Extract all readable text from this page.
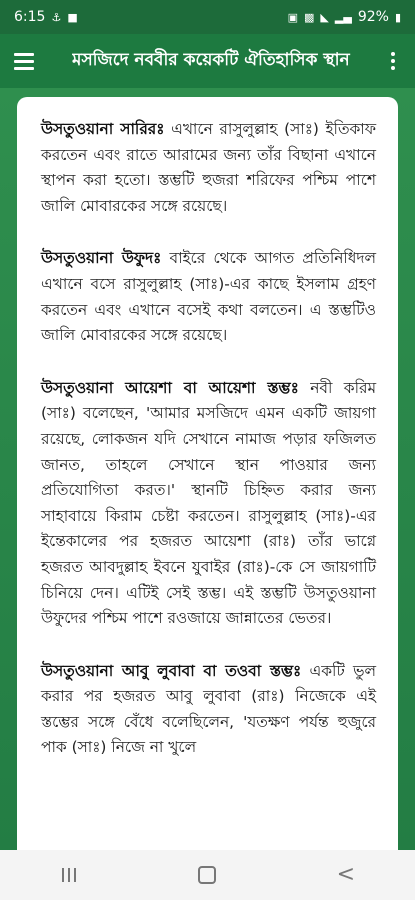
6:15 ⚓ ■	▣ ▩ ◣ ▂▄ 92% ▮
মসজিদে নববীর কয়েকটি ঐতিহাসিক স্থান

উসতুওয়ানা সারিরঃ এখানে রাসুলুল্লাহ (সাঃ) ইতিকাফ করতেন এবং রাতে আরামের জন্য তাঁর বিছানা এখানে স্থাপন করা হতো। স্তম্ভটি হুজরা শরিফের পশ্চিম পাশে জালি মোবারকের সঙ্গে রয়েছে।

উসতুওয়ানা উফুদঃ বাইরে থেকে আগত প্রতিনিধিদল এখানে বসে রাসুলুল্লাহ (সাঃ)-এর কাছে ইসলাম গ্রহণ করতেন এবং এখানে বসেই কথা বলতেন। এ স্তম্ভটিও জালি মোবারকের সঙ্গে রয়েছে।

উসতুওয়ানা আয়েশা বা আয়েশা স্তম্ভঃ নবী করিম (সাঃ) বলেছেন, 'আমার মসজিদে এমন একটি জায়গা রয়েছে, লোকজন যদি সেখানে নামাজ পড়ার ফজিলত জানত, তাহলে সেখানে স্থান পাওয়ার জন্য প্রতিযোগিতা করত।' স্থানটি চিহ্নিত করার জন্য সাহাবায়ে কিরাম চেষ্টা করতেন। রাসুলুল্লাহ (সাঃ)-এর ইন্তেকালের পর হজরত আয়েশা (রাঃ) তাঁর ভাগ্নে হজরত আবদুল্লাহ ইবনে যুবাইর (রাঃ)-কে সে জায়গাটি চিনিয়ে দেন। এটিই সেই স্তম্ভ। এই স্তম্ভটি উসতুওয়ানা উফুদের পশ্চিম পাশে রওজায়ে জান্নাতের ভেতর।

উসতুওয়ানা আবু লুবাবা বা তওবা স্তম্ভঃ একটি ভুল করার পর হজরত আবু লুবাবা (রাঃ) নিজেকে এই স্তম্ভের সঙ্গে বেঁধে বলেছিলেন, 'যতক্ষণ পর্যন্ত হুজুরে পাক (সাঃ) নিজে না খুলে

<
